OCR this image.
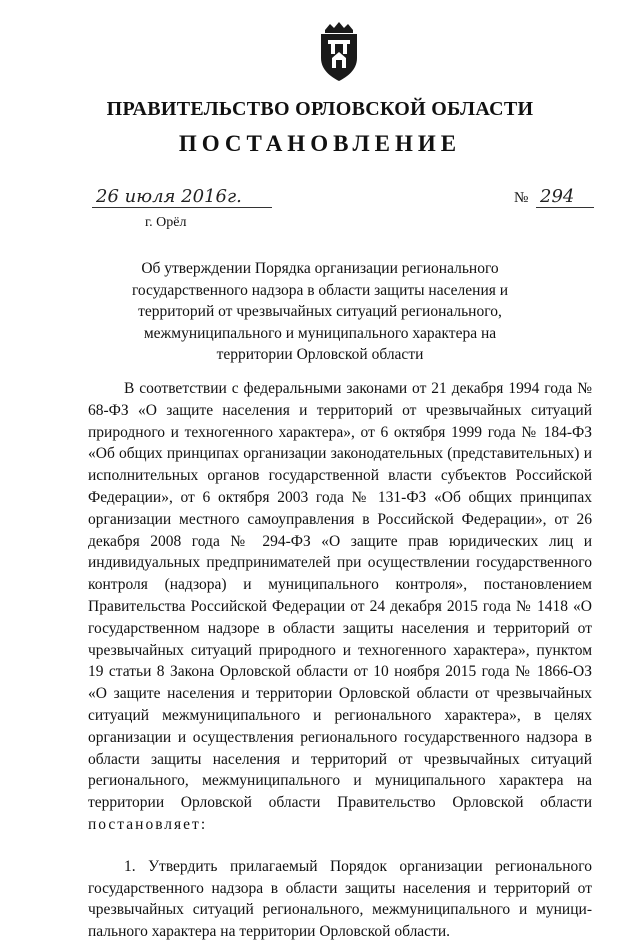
ПРАВИТЕЛЬСТВО ОРЛОВСКОЙ ОБЛАСТИ
ПОСТАНОВЛЕНИЕ
26 июля 2016г.
г. Орёл
№ 294
Об утверждении Порядка организации регионального государственного надзора в области защиты населения и территорий от чрезвычайных ситуаций регионального, межмуниципального и муниципального характера на территории Орловской области

В соответствии с федеральными законами от 21 декабря 1994 года № 68-ФЗ «О защите населения и территорий от чрезвычайных ситуаций природного и техногенного характера», от 6 октября 1999 года № 184-ФЗ «Об общих принципах организации законодательных (представительных) и исполнительных органов государственной власти субъектов Российской Федерации», от 6 октября 2003 года № 131-ФЗ «Об общих принципах организации местного самоуправления в Российской Федерации», от 26 декабря 2008 года № 294-ФЗ «О защите прав юридических лиц и индивидуальных предпринимателей при осуществлении государственного контроля (надзора) и муниципального контроля», постановлением Правительства Российской Федерации от 24 декабря 2015 года № 1418 «О государственном надзоре в области защиты населения и территорий от чрезвычайных ситуаций природного и техногенного характера», пунктом 19 статьи 8 Закона Орловской области от 10 ноября 2015 года № 1866-ОЗ «О защите населения и территории Орловской области от чрезвычайных ситуаций межмуниципального и регионального характера», в целях организации и осуществления регионального государственного надзора в области защиты населения и территорий от чрезвычайных ситуаций регионального, межмуниципального и муниципального характера на территории Орловской области Правительство Орловской области постановляет:

1. Утвердить прилагаемый Порядок организации регионального государственного надзора в области защиты населения и территорий от чрезвычайных ситуаций регионального, межмуниципального и муниципального характера на территории Орловской области.
